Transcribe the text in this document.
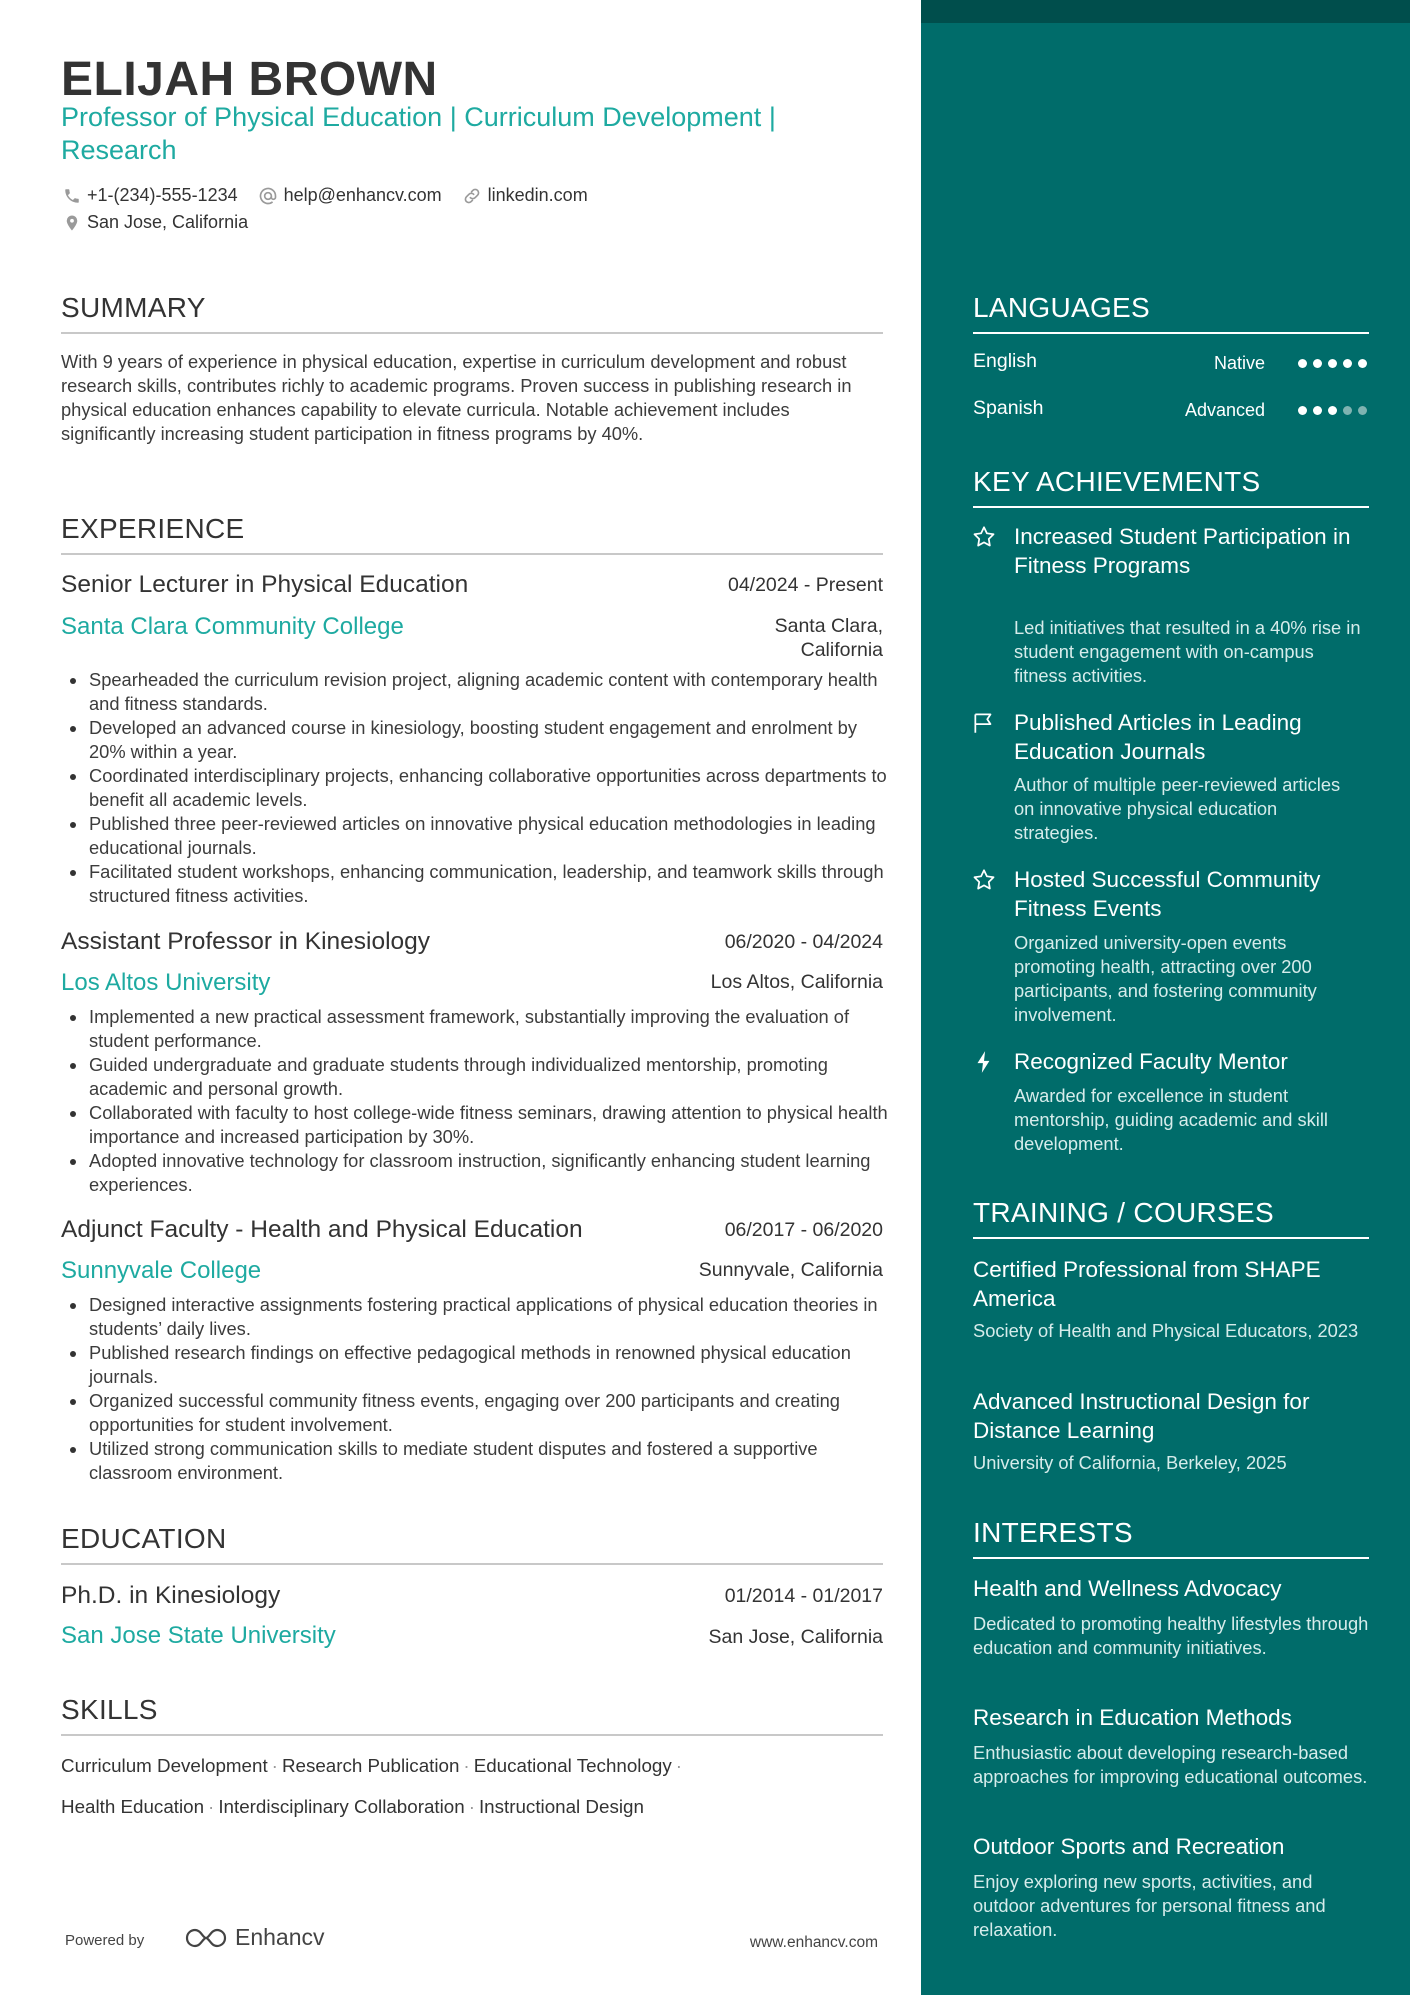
ELIJAH BROWN
Professor of Physical Education | Curriculum Development | Research
+1-(234)-555-1234	help@enhancv.com	linkedin.com
San Jose, California
SUMMARY
With 9 years of experience in physical education, expertise in curriculum development and robust research skills, contributes richly to academic programs. Proven success in publishing research in physical education enhances capability to elevate curricula. Notable achievement includes significantly increasing student participation in fitness programs by 40%.
EXPERIENCE
Senior Lecturer in Physical Education	04/2024 - Present
Santa Clara Community College	Santa Clara, California
Spearheaded the curriculum revision project, aligning academic content with contemporary health and fitness standards.
Developed an advanced course in kinesiology, boosting student engagement and enrolment by 20% within a year.
Coordinated interdisciplinary projects, enhancing collaborative opportunities across departments to benefit all academic levels.
Published three peer-reviewed articles on innovative physical education methodologies in leading educational journals.
Facilitated student workshops, enhancing communication, leadership, and teamwork skills through structured fitness activities.
Assistant Professor in Kinesiology	06/2020 - 04/2024
Los Altos University	Los Altos, California
Implemented a new practical assessment framework, substantially improving the evaluation of student performance.
Guided undergraduate and graduate students through individualized mentorship, promoting academic and personal growth.
Collaborated with faculty to host college-wide fitness seminars, drawing attention to physical health importance and increased participation by 30%.
Adopted innovative technology for classroom instruction, significantly enhancing student learning experiences.
Adjunct Faculty - Health and Physical Education	06/2017 - 06/2020
Sunnyvale College	Sunnyvale, California
Designed interactive assignments fostering practical applications of physical education theories in students’ daily lives.
Published research findings on effective pedagogical methods in renowned physical education journals.
Organized successful community fitness events, engaging over 200 participants and creating opportunities for student involvement.
Utilized strong communication skills to mediate student disputes and fostered a supportive classroom environment.
EDUCATION
Ph.D. in Kinesiology	01/2014 - 01/2017
San Jose State University	San Jose, California
SKILLS
Curriculum Development · Research Publication · Educational Technology ·
Health Education · Interdisciplinary Collaboration · Instructional Design
Powered by	Enhancv	www.enhancv.com
LANGUAGES
English	Native
Spanish	Advanced
KEY ACHIEVEMENTS
Increased Student Participation in Fitness Programs
Led initiatives that resulted in a 40% rise in student engagement with on-campus fitness activities.
Published Articles in Leading Education Journals
Author of multiple peer-reviewed articles on innovative physical education strategies.
Hosted Successful Community Fitness Events
Organized university-open events promoting health, attracting over 200 participants, and fostering community involvement.
Recognized Faculty Mentor
Awarded for excellence in student mentorship, guiding academic and skill development.
TRAINING / COURSES
Certified Professional from SHAPE America
Society of Health and Physical Educators, 2023
Advanced Instructional Design for Distance Learning
University of California, Berkeley, 2025
INTERESTS
Health and Wellness Advocacy
Dedicated to promoting healthy lifestyles through education and community initiatives.
Research in Education Methods
Enthusiastic about developing research-based approaches for improving educational outcomes.
Outdoor Sports and Recreation
Enjoy exploring new sports, activities, and outdoor adventures for personal fitness and relaxation.
